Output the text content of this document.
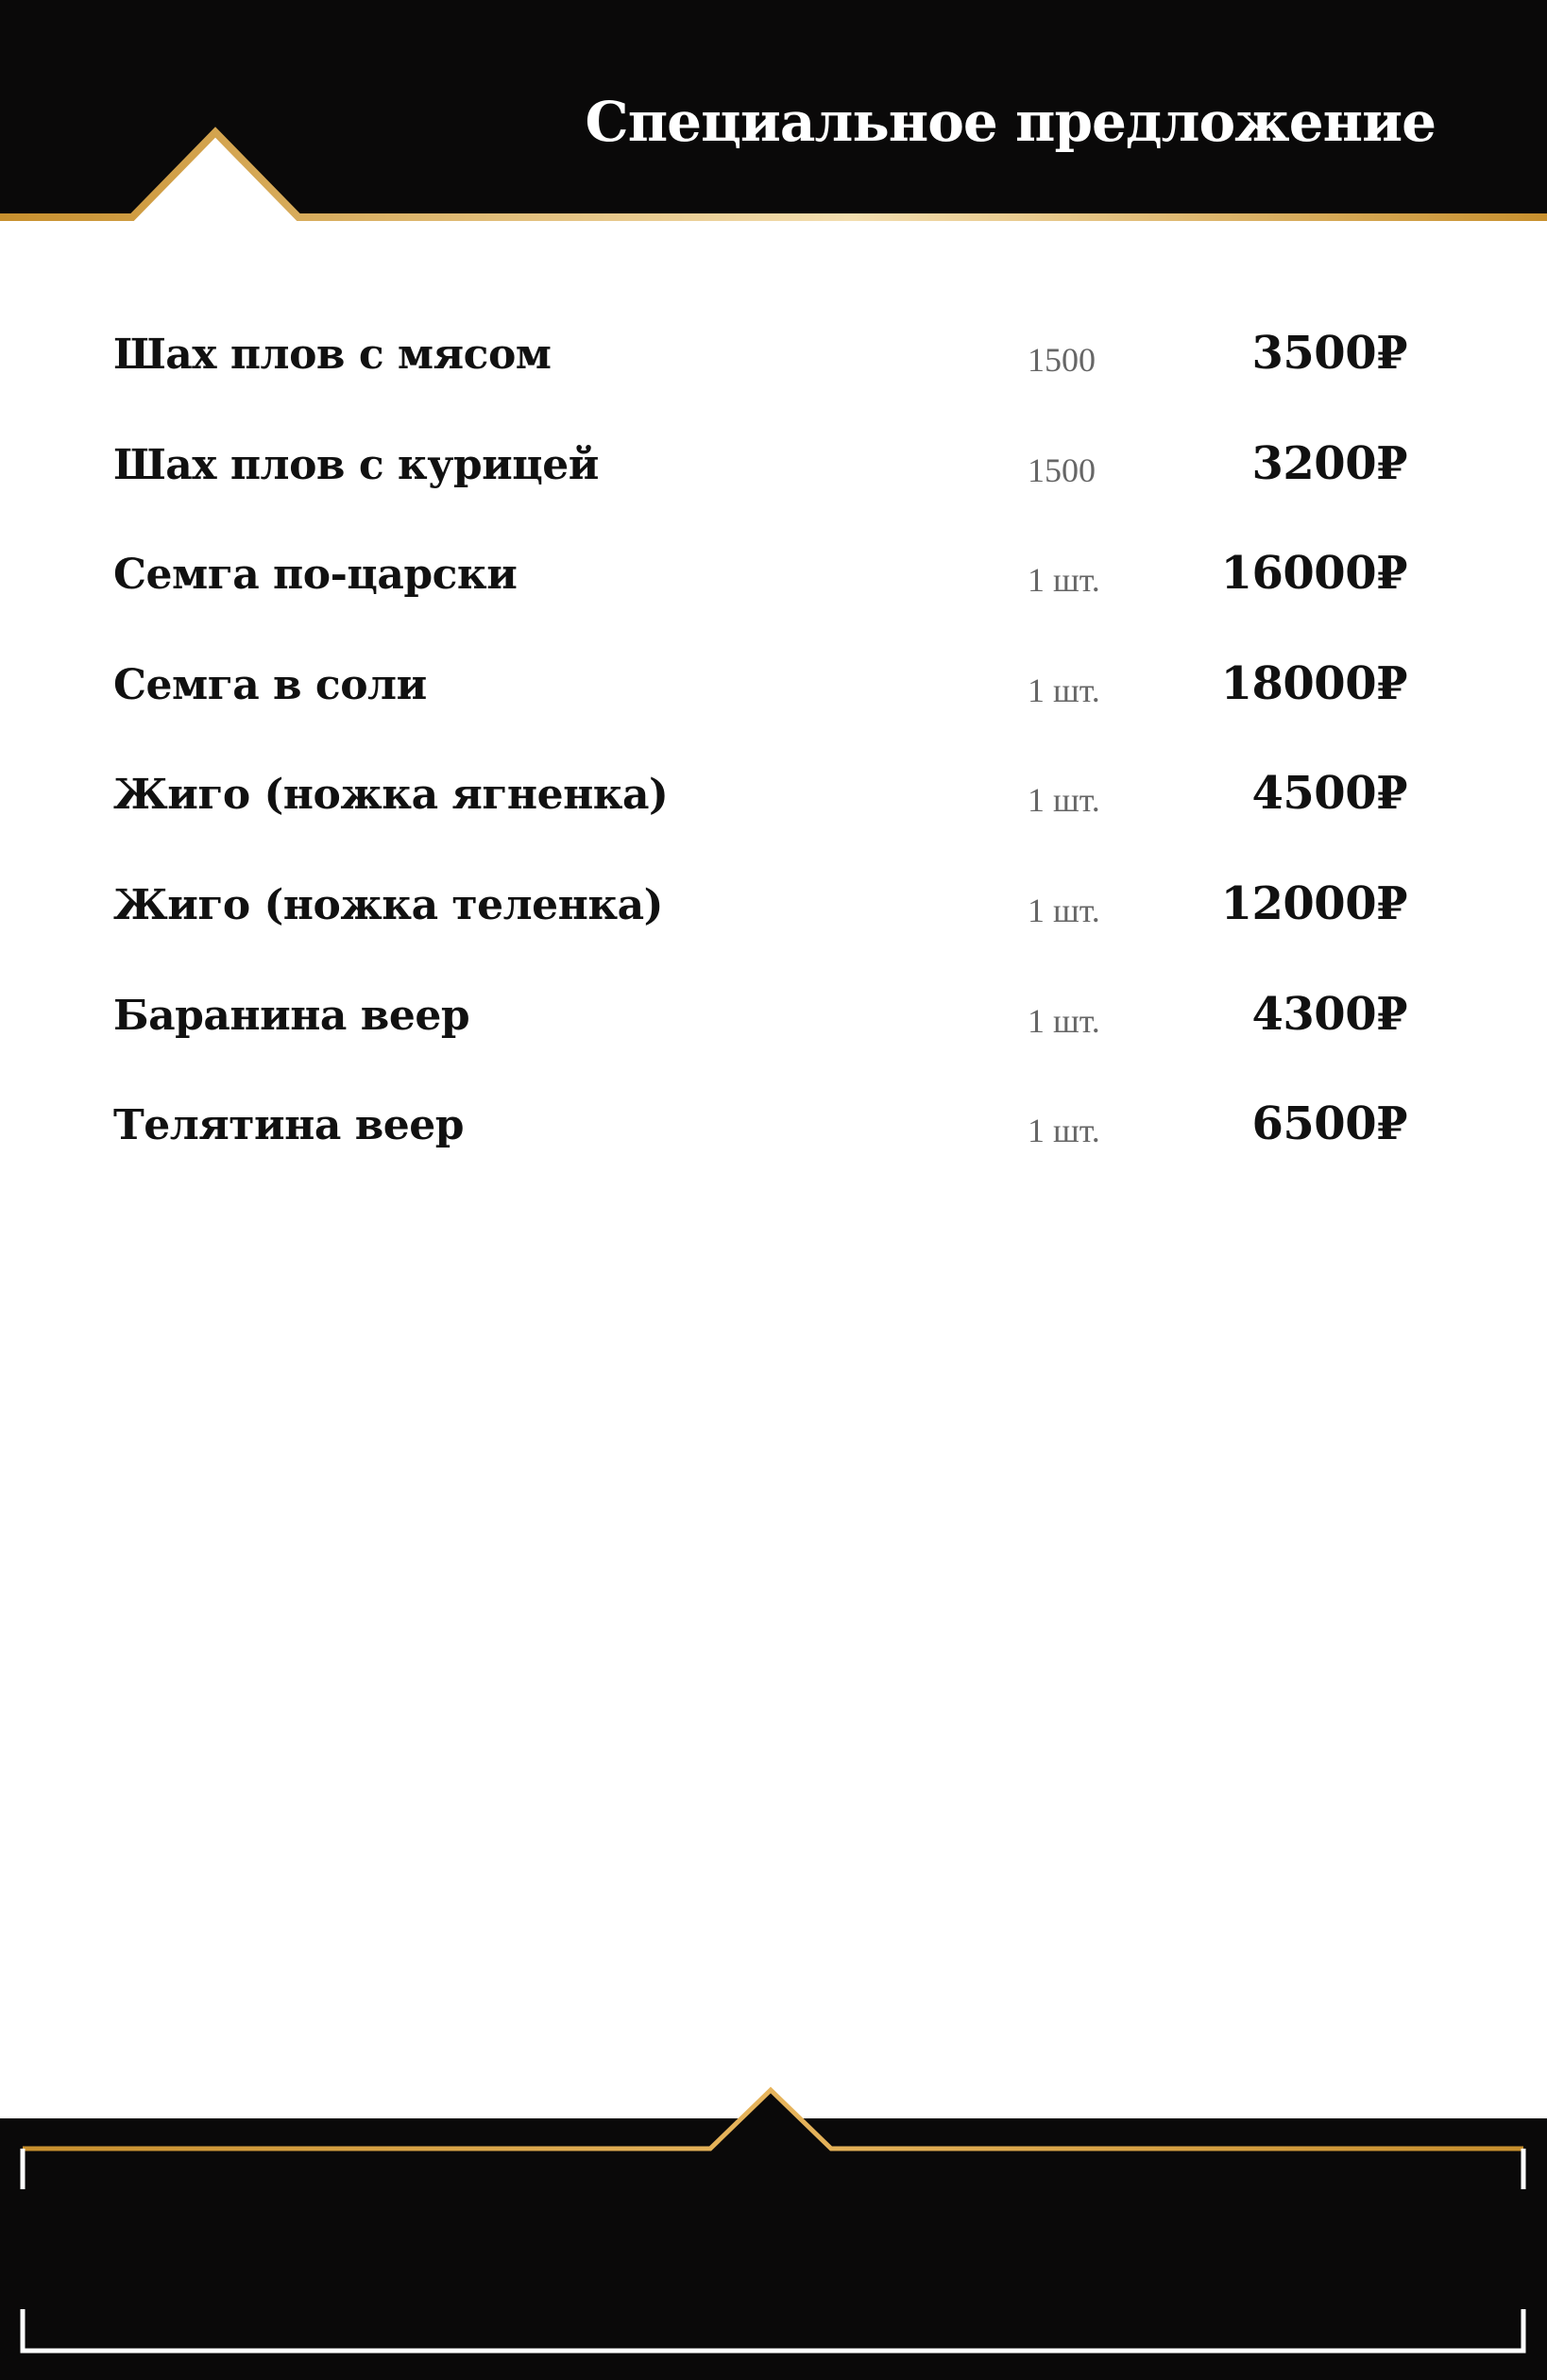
Специальное предложение
Шах плов с мясом	1500	3500₽
Шах плов с курицей	1500	3200₽
Семга по-царски	1 шт.	16000₽
Семга в соли	1 шт.	18000₽
Жиго (ножка ягненка)	1 шт.	4500₽
Жиго (ножка теленка)	1 шт.	12000₽
Баранина веер	1 шт.	4300₽
Телятина веер	1 шт.	6500₽
